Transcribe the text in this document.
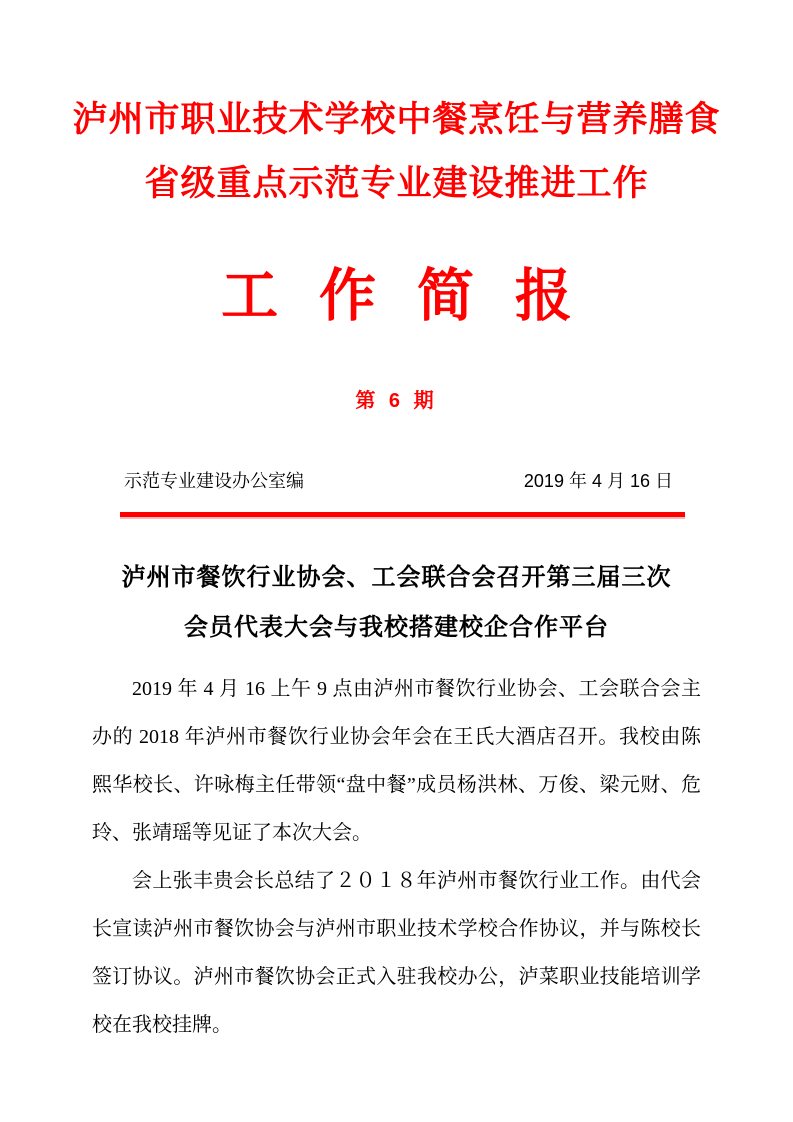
泸州市职业技术学校中餐烹饪与营养膳食
省级重点示范专业建设推进工作
工 作 简 报
第 6 期
示范专业建设办公室编	2019 年 4 月 16 日
泸州市餐饮行业协会、工会联合会召开第三届三次
会员代表大会与我校搭建校企合作平台

2019 年 4 月 16 上午 9 点由泸州市餐饮行业协会、工会联合会主办的 2018 年泸州市餐饮行业协会年会在王氏大酒店召开。我校由陈熙华校长、许咏梅主任带领“盘中餐”成员杨洪林、万俊、梁元财、危玲、张靖瑶等见证了本次大会。

会上张丰贵会长总结了２０１８年泸州市餐饮行业工作。由代会长宣读泸州市餐饮协会与泸州市职业技术学校合作协议，并与陈校长签订协议。泸州市餐饮协会正式入驻我校办公，泸菜职业技能培训学校在我校挂牌。
